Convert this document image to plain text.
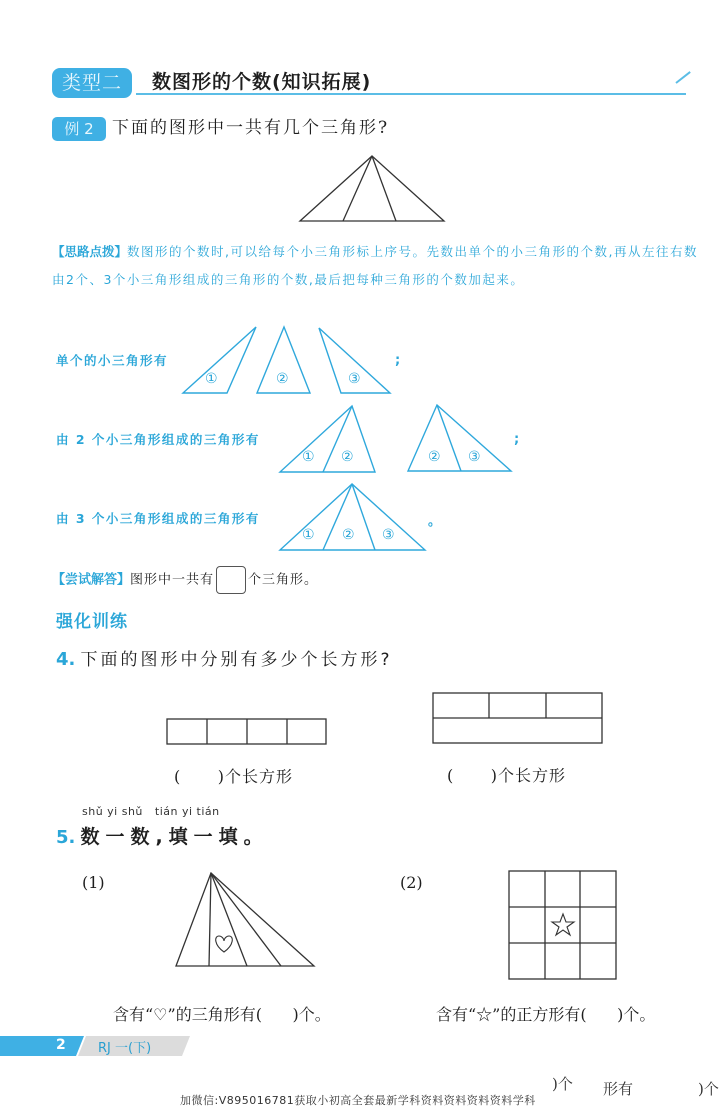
类型二	数图形的个数(知识拓展)
例 2	下面的图形中一共有几个三角形?
①	②	③
① ②	② ③
① ② ③
【思路点拨】数图形的个数时,可以给每个小三角形标上序号。先数出单个的小三角形的个数,再从左往右数由2个、3个小三角形组成的三角形的个数,最后把每种三角形的个数加起来。
单个的小三角形有	;
由 2 个小三角形组成的三角形有	;
由 3 个小三角形组成的三角形有	。
【尝试解答】图形中一共有	个三角形。
强化训练
4. 下面的图形中分别有多少个长方形?
(      )个长方形	(      )个长方形
shǔ yi shǔ   tián yi tián
5. 数一数,填一填。
(1)	(2)
含有“♡”的三角形有(      )个。	含有“☆”的正方形有(      )个。
2 RJ 一(下)
)个 形有	)个
加微信:V895016781获取小初高全套最新学科资料资料资料资料学科
